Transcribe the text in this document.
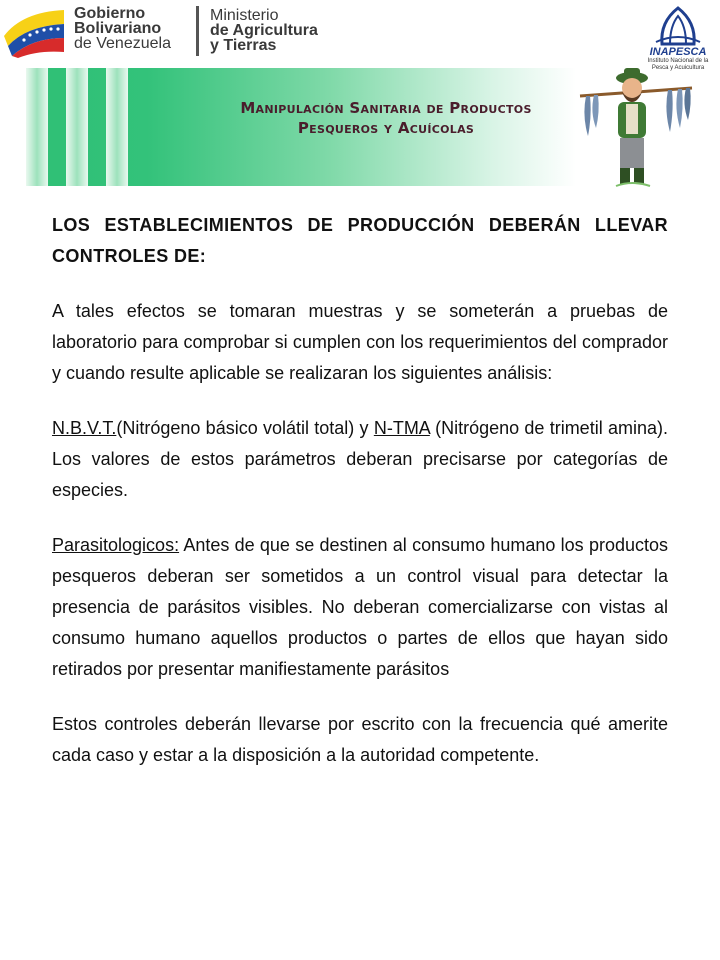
Gobierno
Bolivariano
de Venezuela
Ministerio
de Agricultura
y Tierras	INAPESCA
Instituto Nacional de la Pesca y Acuicultura
Manipulación Sanitaria de Productos
Pesqueros y Acuícolas

LOS ESTABLECIMIENTOS DE PRODUCCIÓN DEBERÁN LLEVAR CONTROLES DE:

A tales efectos se tomaran muestras y se someterán a pruebas de laboratorio para comprobar si cumplen con los requerimientos del comprador y cuando resulte aplicable se realizaran los siguientes análisis:

N.B.V.T.(Nitrógeno básico volátil total) y N-TMA (Nitrógeno de trimetil amina). Los valores de estos parámetros deberan precisarse por categorías de especies.

Parasitologicos: Antes de que se destinen al consumo humano los productos pesqueros deberan ser sometidos a un control visual para detectar la presencia de parásitos visibles. No deberan comercializarse con vistas al consumo humano aquellos productos o partes de ellos que hayan sido retirados por presentar manifiestamente parásitos

Estos controles deberán llevarse por escrito con la frecuencia qué amerite cada caso y estar a la disposición a la autoridad competente.
